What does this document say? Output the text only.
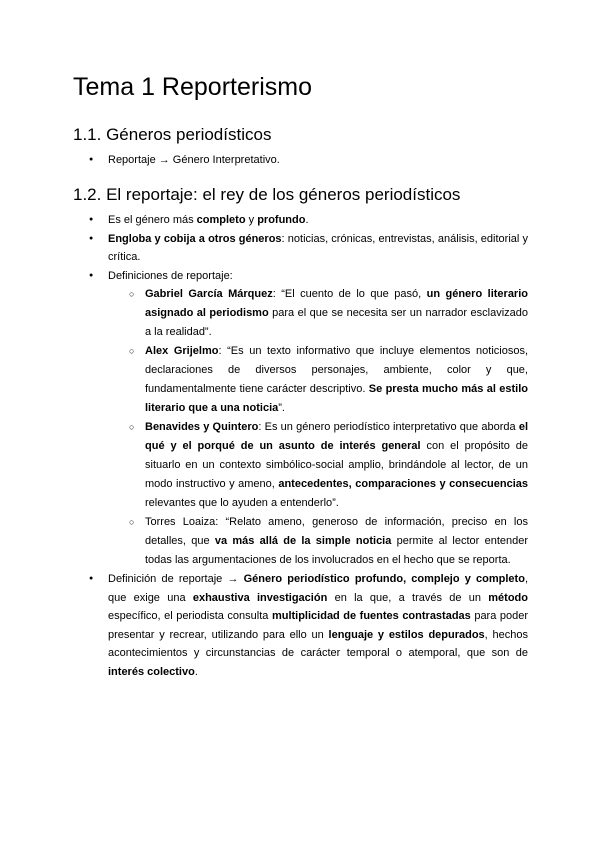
Tema 1 Reporterismo
1.1. Géneros periodísticos
● Reportaje → Género Interpretativo.
1.2. El reportaje: el rey de los géneros periodísticos
● Es el género más completo y profundo.
● Engloba y cobija a otros géneros: noticias, crónicas, entrevistas, análisis, editorial y crítica.
● Definiciones de reportaje:
○ Gabriel García Márquez: “El cuento de lo que pasó, un género literario asignado al periodismo para el que se necesita ser un narrador esclavizado a la realidad”.
○ Alex Grijelmo: “Es un texto informativo que incluye elementos noticiosos, declaraciones de diversos personajes, ambiente, color y que, fundamentalmente tiene carácter descriptivo. Se presta mucho más al estilo literario que a una noticia”.
○ Benavides y Quintero: Es un género periodístico interpretativo que aborda el qué y el porqué de un asunto de interés general con el propósito de situarlo en un contexto simbólico-social amplio, brindándole al lector, de un modo instructivo y ameno, antecedentes, comparaciones y consecuencias relevantes que lo ayuden a entenderlo”.
○ Torres Loaiza: “Relato ameno, generoso de información, preciso en los detalles, que va más allá de la simple noticia permite al lector entender todas las argumentaciones de los involucrados en el hecho que se reporta.
● Definición de reportaje → Género periodístico profundo, complejo y completo, que exige una exhaustiva investigación en la que, a través de un método específico, el periodista consulta multiplicidad de fuentes contrastadas para poder presentar y recrear, utilizando para ello un lenguaje y estilos depurados, hechos acontecimientos y circunstancias de carácter temporal o atemporal, que son de interés colectivo.
